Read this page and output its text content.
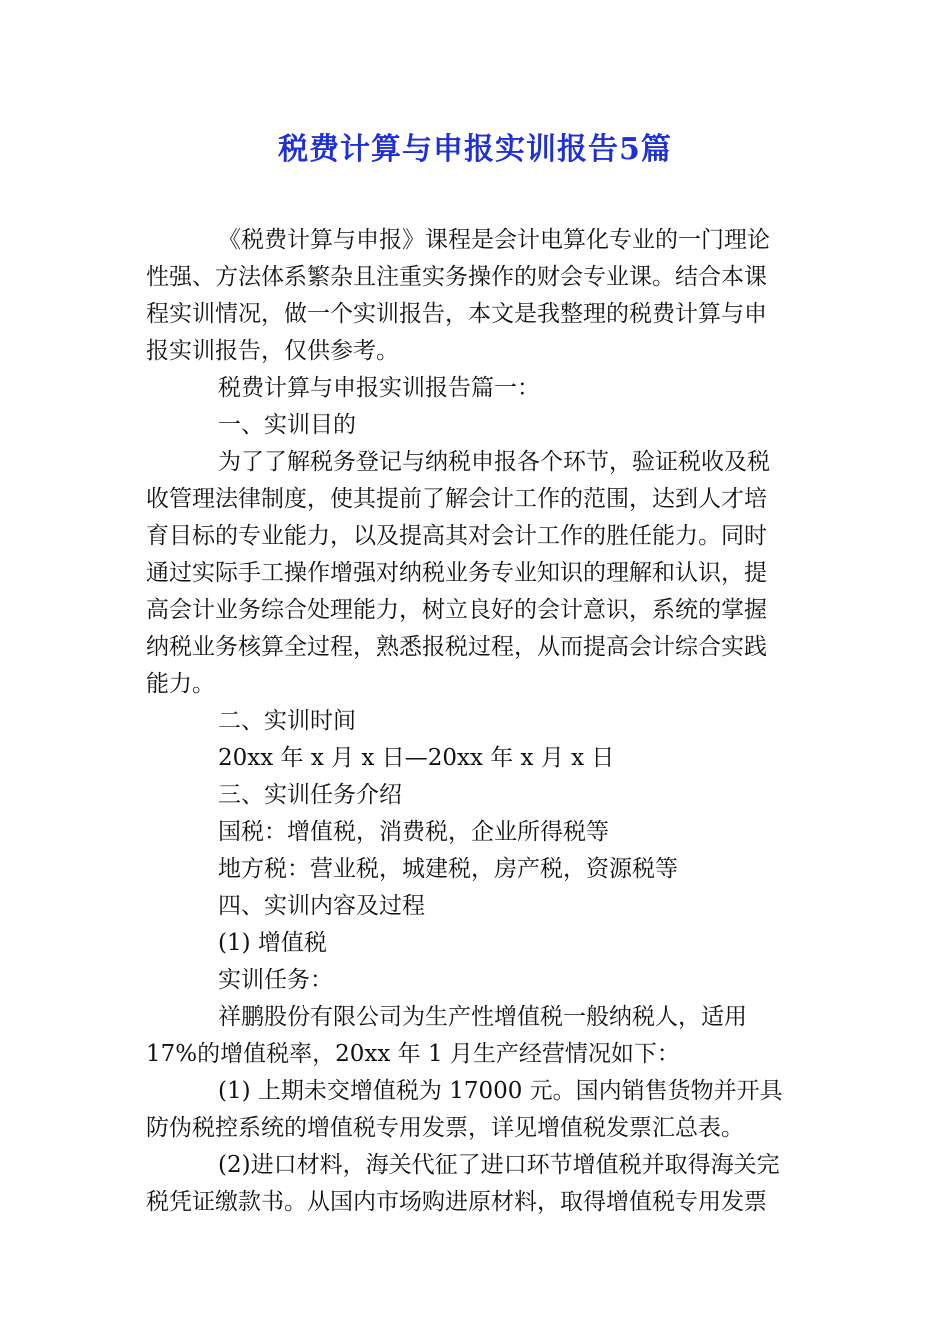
税费计算与申报实训报告5篇

《税费计算与申报》课程是会计电算化专业的一门理论

性强、方法体系繁杂且注重实务操作的财会专业课。结合本课

程实训情况，做一个实训报告，本文是我整理的税费计算与申

报实训报告，仅供参考。

税费计算与申报实训报告篇一：

一、实训目的

为了了解税务登记与纳税申报各个环节，验证税收及税

收管理法律制度，使其提前了解会计工作的范围，达到人才培

育目标的专业能力，以及提高其对会计工作的胜任能力。同时

通过实际手工操作增强对纳税业务专业知识的理解和认识，提

高会计业务综合处理能力，树立良好的会计意识，系统的掌握

纳税业务核算全过程，熟悉报税过程，从而提高会计综合实践

能力。

二、实训时间

20xx 年 x 月 x 日—20xx 年 x 月 x 日

三、实训任务介绍

国税：增值税，消费税，企业所得税等

地方税：营业税，城建税，房产税，资源税等

四、实训内容及过程

(1) 增值税

实训任务：

祥鹏股份有限公司为生产性增值税一般纳税人，适用

17%的增值税率，20xx 年 1 月生产经营情况如下：

(1) 上期未交增值税为 17000 元。国内销售货物并开具

防伪税控系统的增值税专用发票，详见增值税发票汇总表。

(2)进口材料，海关代征了进口环节增值税并取得海关完

税凭证缴款书。从国内市场购进原材料，取得增值税专用发票
